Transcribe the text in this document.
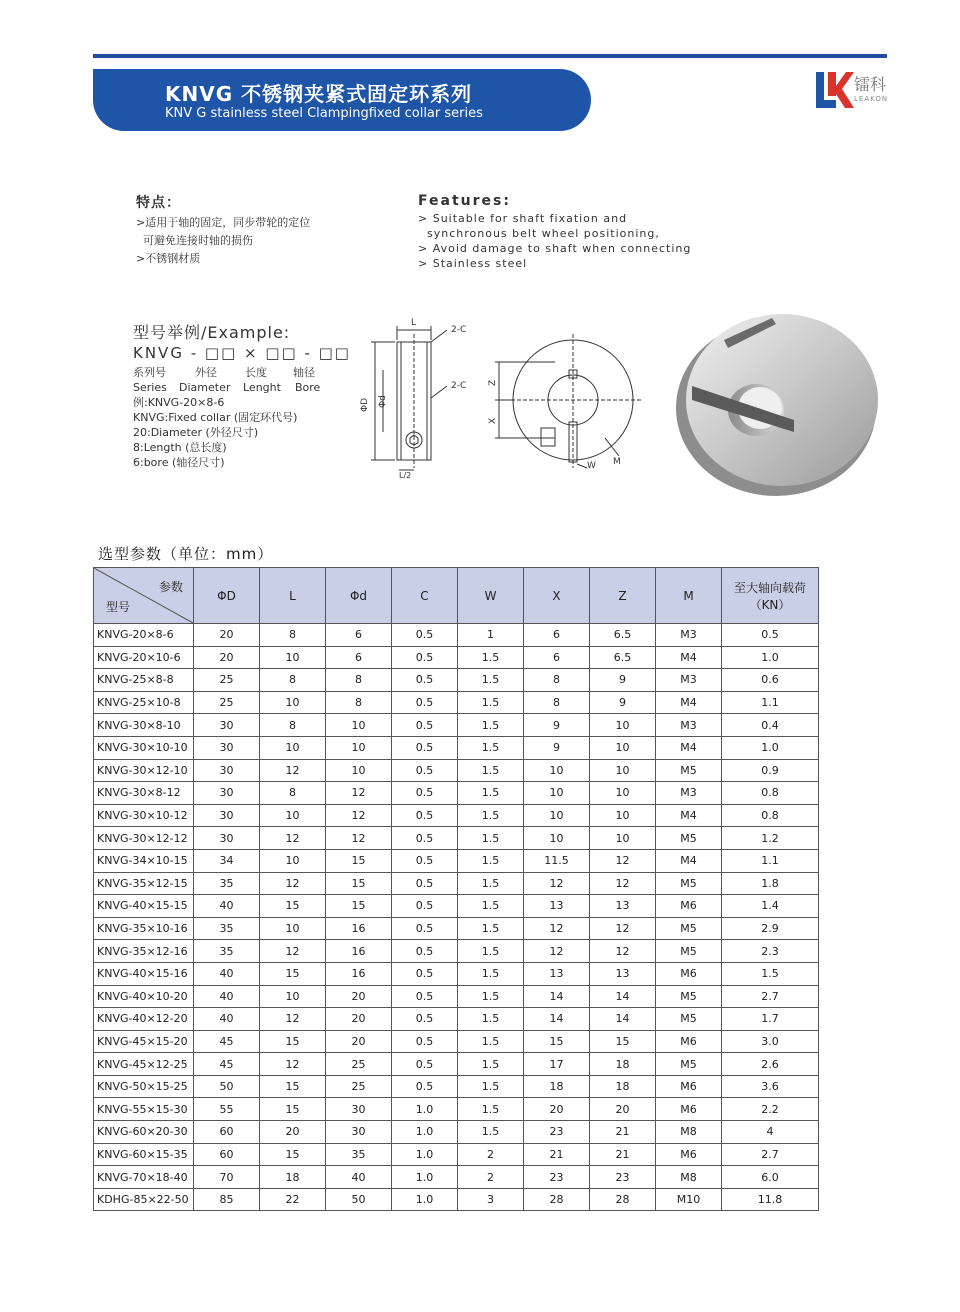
KNVG 不锈钢夹紧式固定环系列
KNV G stainless steel Clampingfixed collar series
镭科
LEAKON
特点：
>适用于轴的固定，同步带轮的定位
可避免连接时轴的损伤
>不锈钢材质
Features:
> Suitable for shaft fixation and
synchronous belt wheel positioning,
> Avoid damage to shaft when connecting
> Stainless steel
型号举例/Example:
KNVG - □□ × □□ - □□
系列号	外径	长度	轴径
Series	Diameter	Lenght	Bore
例:KNVG-20×8-6
KNVG:Fixed collar (固定环代号)
20:Diameter (外径尺寸)
8:Length (总长度)
6:bore (轴径尺寸)
L
2-C
2-C
ΦD Φd
L/2
Z
X
W M
选型参数（单位：mm）
参数
型号	ΦD	L	Φd	C	W	X	Z	M	至大轴向载荷（KN）
KNVG-20×8-6	20	8	6	0.5	1	6	6.5	M3	0.5
KNVG-20×10-6	20	10	6	0.5	1.5	6	6.5	M4	1.0
KNVG-25×8-8	25	8	8	0.5	1.5	8	9	M3	0.6
KNVG-25×10-8	25	10	8	0.5	1.5	8	9	M4	1.1
KNVG-30×8-10	30	8	10	0.5	1.5	9	10	M3	0.4
KNVG-30×10-10	30	10	10	0.5	1.5	9	10	M4	1.0
KNVG-30×12-10	30	12	10	0.5	1.5	10	10	M5	0.9
KNVG-30×8-12	30	8	12	0.5	1.5	10	10	M3	0.8
KNVG-30×10-12	30	10	12	0.5	1.5	10	10	M4	0.8
KNVG-30×12-12	30	12	12	0.5	1.5	10	10	M5	1.2
KNVG-34×10-15	34	10	15	0.5	1.5	11.5	12	M4	1.1
KNVG-35×12-15	35	12	15	0.5	1.5	12	12	M5	1.8
KNVG-40×15-15	40	15	15	0.5	1.5	13	13	M6	1.4
KNVG-35×10-16	35	10	16	0.5	1.5	12	12	M5	2.9
KNVG-35×12-16	35	12	16	0.5	1.5	12	12	M5	2.3
KNVG-40×15-16	40	15	16	0.5	1.5	13	13	M6	1.5
KNVG-40×10-20	40	10	20	0.5	1.5	14	14	M5	2.7
KNVG-40×12-20	40	12	20	0.5	1.5	14	14	M5	1.7
KNVG-45×15-20	45	15	20	0.5	1.5	15	15	M6	3.0
KNVG-45×12-25	45	12	25	0.5	1.5	17	18	M5	2.6
KNVG-50×15-25	50	15	25	0.5	1.5	18	18	M6	3.6
KNVG-55×15-30	55	15	30	1.0	1.5	20	20	M6	2.2
KNVG-60×20-30	60	20	30	1.0	1.5	23	21	M8	4
KNVG-60×15-35	60	15	35	1.0	2	21	21	M6	2.7
KNVG-70×18-40	70	18	40	1.0	2	23	23	M8	6.0
KDHG-85×22-50	85	22	50	1.0	3	28	28	M10	11.8
